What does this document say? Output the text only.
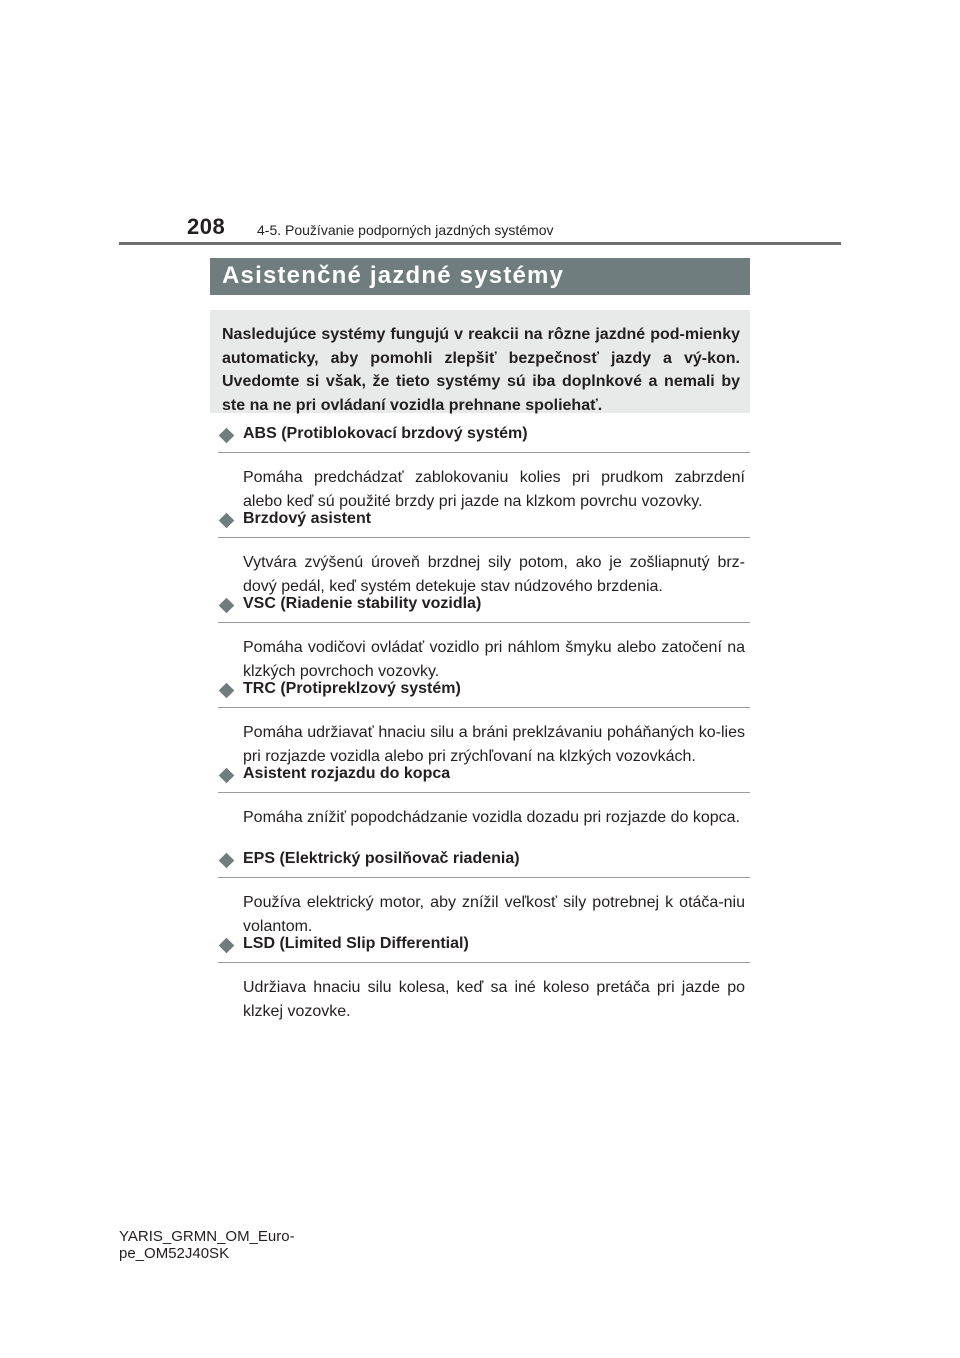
208 4-5. Používanie podporných jazdných systémov
Asistenčné jazdné systémy

Nasledujúce systémy fungujú v reakcii na rôzne jazdné pod-mienky automaticky, aby pomohli zlepšiť bezpečnosť jazdy a vý-kon. Uvedomte si však, že tieto systémy sú iba doplnkové a nemali by ste na ne pri ovládaní vozidla prehnane spoliehať.

ABS (Protiblokovací brzdový systém)
Pomáha predchádzať zablokovaniu kolies pri prudkom zabrzdení alebo keď sú použité brzdy pri jazde na klzkom povrchu vozovky.
Brzdový asistent
Vytvára zvýšenú úroveň brzdnej sily potom, ako je zošliapnutý brz-dový pedál, keď systém detekuje stav núdzového brzdenia.
VSC (Riadenie stability vozidla)
Pomáha vodičovi ovládať vozidlo pri náhlom šmyku alebo zatočení na klzkých povrchoch vozovky.
TRC (Protipreklzový systém)
Pomáha udržiavať hnaciu silu a bráni preklzávaniu poháňaných ko-lies pri rozjazde vozidla alebo pri zrýchľovaní na klzkých vozovkách.
Asistent rozjazdu do kopca
Pomáha znížiť popodchádzanie vozidla dozadu pri rozjazde do kopca.
EPS (Elektrický posilňovač riadenia)
Používa elektrický motor, aby znížil veľkosť sily potrebnej k otáča-niu volantom.
LSD (Limited Slip Differential)
Udržiava hnaciu silu kolesa, keď sa iné koleso pretáča pri jazde po klzkej vozovke.
YARIS_GRMN_OM_Euro-
pe_OM52J40SK
